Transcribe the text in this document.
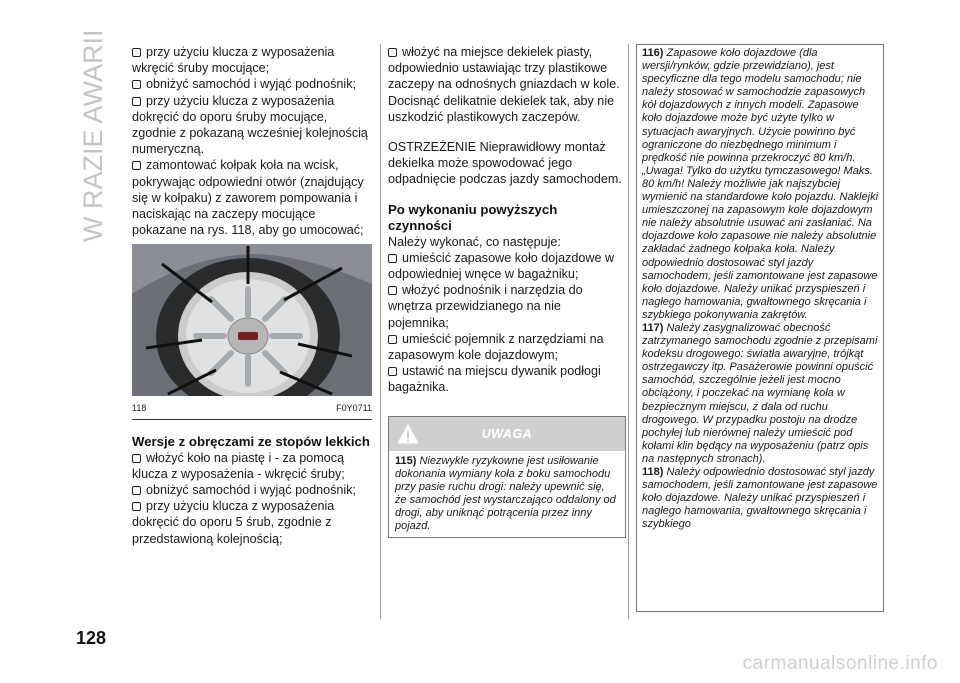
W RAZIE AWARII	przy użyciu klucza z wyposażenia wkręcić śruby mocujące;

obniżyć samochód i wyjąć podnośnik;

przy użyciu klucza z wyposażenia dokręcić do oporu śruby mocujące, zgodnie z pokazaną wcześniej kolejnością numeryczną.

zamontować kołpak koła na wcisk, pokrywając odpowiedni otwór (znajdujący się w kołpaku) z zaworem pompowania i naciskając na zaczepy mocujące pokazane na rys. 118, aby go umocować;

118	F0Y0711

Wersje z obręczami ze stopów lekkich

włożyć koło na piastę i - za pomocą klucza z wyposażenia - wkręcić śruby;

obniżyć samochód i wyjąć podnośnik;

przy użyciu klucza z wyposażenia dokręcić do oporu 5 śrub, zgodnie z przedstawioną kolejnością;

włożyć na miejsce dekielek piasty, odpowiednio ustawiając trzy plastikowe zaczepy na odnośnych gniazdach w kole. Docisnąć delikatnie dekielek tak, aby nie uszkodzić plastikowych zaczepów.

OSTRZEŻENIE Nieprawidłowy montaż dekielka może spowodować jego odpadnięcie podczas jazdy samochodem.

Po wykonaniu powyższych czynności

Należy wykonać, co następuje:

umieścić zapasowe koło dojazdowe w odpowiedniej wnęce w bagażniku;

włożyć podnośnik i narzędzia do wnętrza przewidzianego na nie pojemnika;

umieścić pojemnik z narzędziami na zapasowym kole dojazdowym;

ustawić na miejscu dywanik podłogi bagażnika.

UWAGA
115) Niezwykle ryzykowne jest usiłowanie dokonania wymiany koła z boku samochodu przy pasie ruchu drogi: należy upewnić się, że samochód jest wystarczająco oddalony od drogi, aby uniknąć potrącenia przez inny pojazd.

116) Zapasowe koło dojazdowe (dla wersji/rynków, gdzie przewidziano), jest specyficzne dla tego modelu samochodu; nie należy stosować w samochodzie zapasowych kół dojazdowych z innych modeli. Zapasowe koło dojazdowe może być użyte tylko w sytuacjach awaryjnych. Użycie powinno być ograniczone do niezbędnego minimum i prędkość nie powinna przekroczyć 80 km/h. „Uwaga! Tylko do użytku tymczasowego! Maks. 80 km/h! Należy możliwie jak najszybciej wymienić na standardowe koło pojazdu. Naklejki umieszczonej na zapasowym kole dojazdowym nie należy absolutnie usuwać ani zasłaniać. Na dojazdowe koło zapasowe nie należy absolutnie zakładać żadnego kołpaka koła. Należy odpowiednio dostosować styl jazdy samochodem, jeśli zamontowane jest zapasowe koło dojazdowe. Należy unikać przyspieszeń i nagłego hamowania, gwałtownego skręcania i szybkiego pokonywania zakrętów.

117) Należy zasygnalizować obecność zatrzymanego samochodu zgodnie z przepisami kodeksu drogowego: światła awaryjne, trójkąt ostrzegawczy itp. Pasażerowie powinni opuścić samochód, szczególnie jeżeli jest mocno obciążony, i poczekać na wymianę koła w bezpiecznym miejscu, z dala od ruchu drogowego. W przypadku postoju na drodze pochyłej lub nierównej należy umieścić pod kołami klin będący na wyposażeniu (patrz opis na następnych stronach).

118) Należy odpowiednio dostosować styl jazdy samochodem, jeśli zamontowane jest zapasowe koło dojazdowe. Należy unikać przyspieszeń i nagłego hamowania, gwałtownego skręcania i szybkiego

128
carmanualsonline.info
